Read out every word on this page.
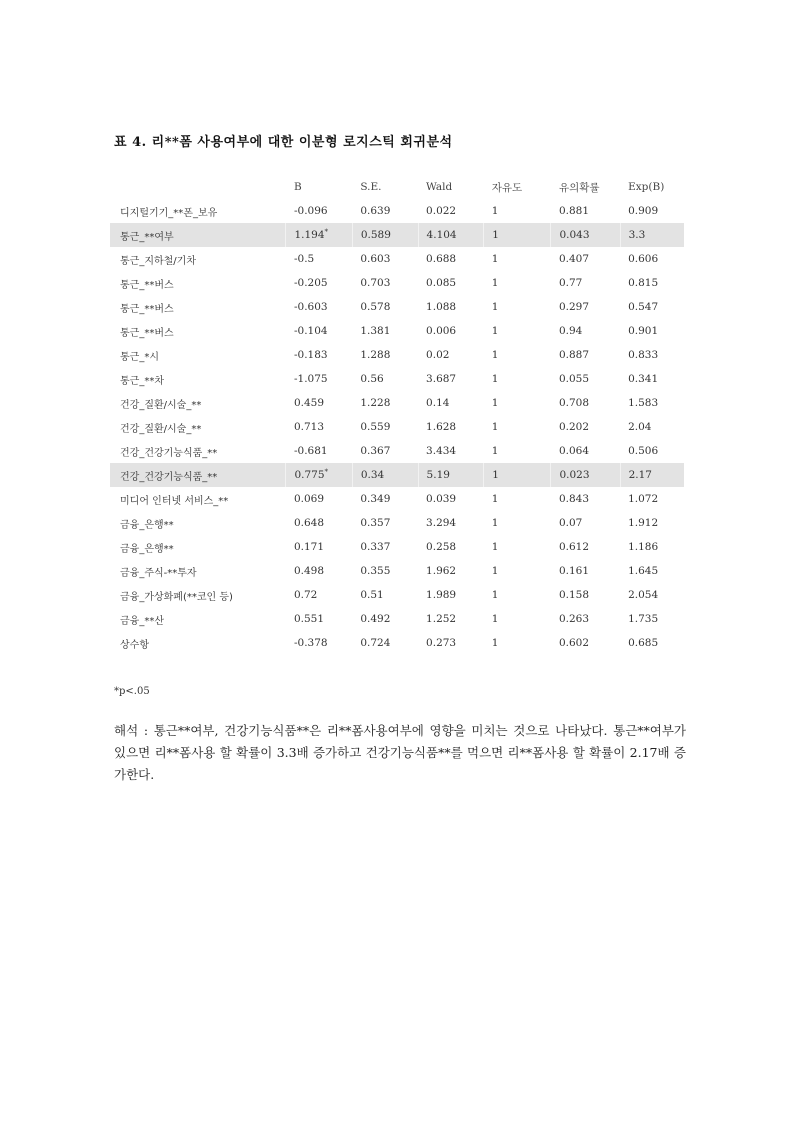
표 4. 리**폼 사용여부에 대한 이분형 로지스틱 회귀분석
	B	S.E.	Wald	자유도	유의확률	Exp(B)
디지털기기_**폰_보유	-0.096	0.639	0.022	1	0.881	0.909
통근_**여부	1.194*	0.589	4.104	1	0.043	3.3
통근_지하철/기차	-0.5	0.603	0.688	1	0.407	0.606
통근_**버스	-0.205	0.703	0.085	1	0.77	0.815
통근_**버스	-0.603	0.578	1.088	1	0.297	0.547
통근_**버스	-0.104	1.381	0.006	1	0.94	0.901
통근_*시	-0.183	1.288	0.02	1	0.887	0.833
통근_**차	-1.075	0.56	3.687	1	0.055	0.341
건강_질환/시술_**	0.459	1.228	0.14	1	0.708	1.583
건강_질환/시술_**	0.713	0.559	1.628	1	0.202	2.04
건강_건강기능식품_**	-0.681	0.367	3.434	1	0.064	0.506
건강_건강기능식품_**	0.775*	0.34	5.19	1	0.023	2.17
미디어 인터넷 서비스_**	0.069	0.349	0.039	1	0.843	1.072
금융_은행**	0.648	0.357	3.294	1	0.07	1.912
금융_은행**	0.171	0.337	0.258	1	0.612	1.186
금융_주식-**투자	0.498	0.355	1.962	1	0.161	1.645
금융_가상화폐(**코인 등)	0.72	0.51	1.989	1	0.158	2.054
금융_**산	0.551	0.492	1.252	1	0.263	1.735
상수항	-0.378	0.724	0.273	1	0.602	0.685
*p<.05
해석 : 통근**여부, 건강기능식품**은 리**폼사용여부에 영향을 미치는 것으로 나타났다. 통근**여부가 있으면 리**폼사용 할 확률이 3.3배 증가하고 건강기능식품**를 먹으면 리**폼사용 할 확률이 2.17배 증가한다.
